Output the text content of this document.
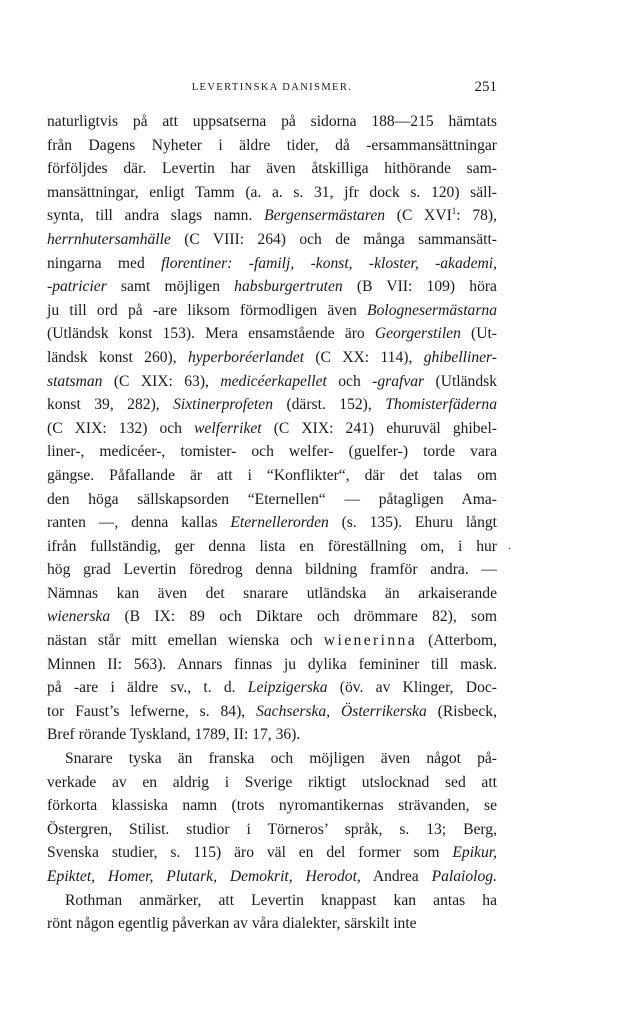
LEVERTINSKA DANISMER.	251
naturligtvis på att uppsatserna på sidorna 188—215 hämtats
från Dagens Nyheter i äldre tider, då -ersammansättningar
förföljdes där. Levertin har även åtskilliga hithörande sam-
mansättningar, enligt Tamm (a. a. s. 31, jfr dock s. 120) säll-
synta, till andra slags namn. Bergensermästaren (C XVI$^1$: 78),
herrnhutersamhälle (C VIII: 264) och de många sammansätt-
ningarna med florentiner: -familj, -konst, -kloster, -akademi,
-patricier samt möjligen habsburgertruten (B VII: 109) höra
ju till ord på -are liksom förmodligen även Bolognesermästarna
(Utländsk konst 153). Mera ensamstående äro Georgerstilen (Ut-
ländsk konst 260), hyperboréerlandet (C XX: 114), ghibelliner-
statsman (C XIX: 63), medicéerkapellet och -grafvar (Utländsk
konst 39, 282), Sixtinerprofeten (därst. 152), Thomisterfäderna
(C XIX: 132) och welferriket (C XIX: 241) ehuruväl ghibel-
liner-, medicéer-, tomister- och welfer- (guelfer-) torde vara
gängse. Påfallande är att i “Konflikter“, där det talas om
den höga sällskapsorden “Eternellen“ — påtagligen Ama-
ranten —, denna kallas Eternellerorden (s. 135). Ehuru långt
ifrån fullständig, ger denna lista en föreställning om, i hur
hög grad Levertin föredrog denna bildning framför andra. —
Nämnas kan även det snarare utländska än arkaiserande
wienerska (B IX: 89 och Diktare och drömmare 82), som
nästan står mitt emellan wienska och wienerinna (Atterbom,
Minnen II: 563). Annars finnas ju dylika femininer till mask.
på -are i äldre sv., t. d. Leipzigerska (öv. av Klinger, Doc-
tor Faust’s lefwerne, s. 84), Sachserska, Österrikerska (Risbeck,
Bref rörande Tyskland, 1789, II: 17, 36).
Snarare tyska än franska och möjligen även något på-
verkade av en aldrig i Sverige riktigt utslocknad sed att
förkorta klassiska namn (trots nyromantikernas strävanden, se
Östergren, Stilist. studior i Törneros’ språk, s. 13; Berg,
Svenska studier, s. 115) äro väl en del former som Epikur,
Epiktet, Homer, Plutark, Demokrit, Herodot, Andrea Palaiolog.
Rothman anmärker, att Levertin knappast kan antas ha
rönt någon egentlig påverkan av våra dialekter, särskilt inte
.
